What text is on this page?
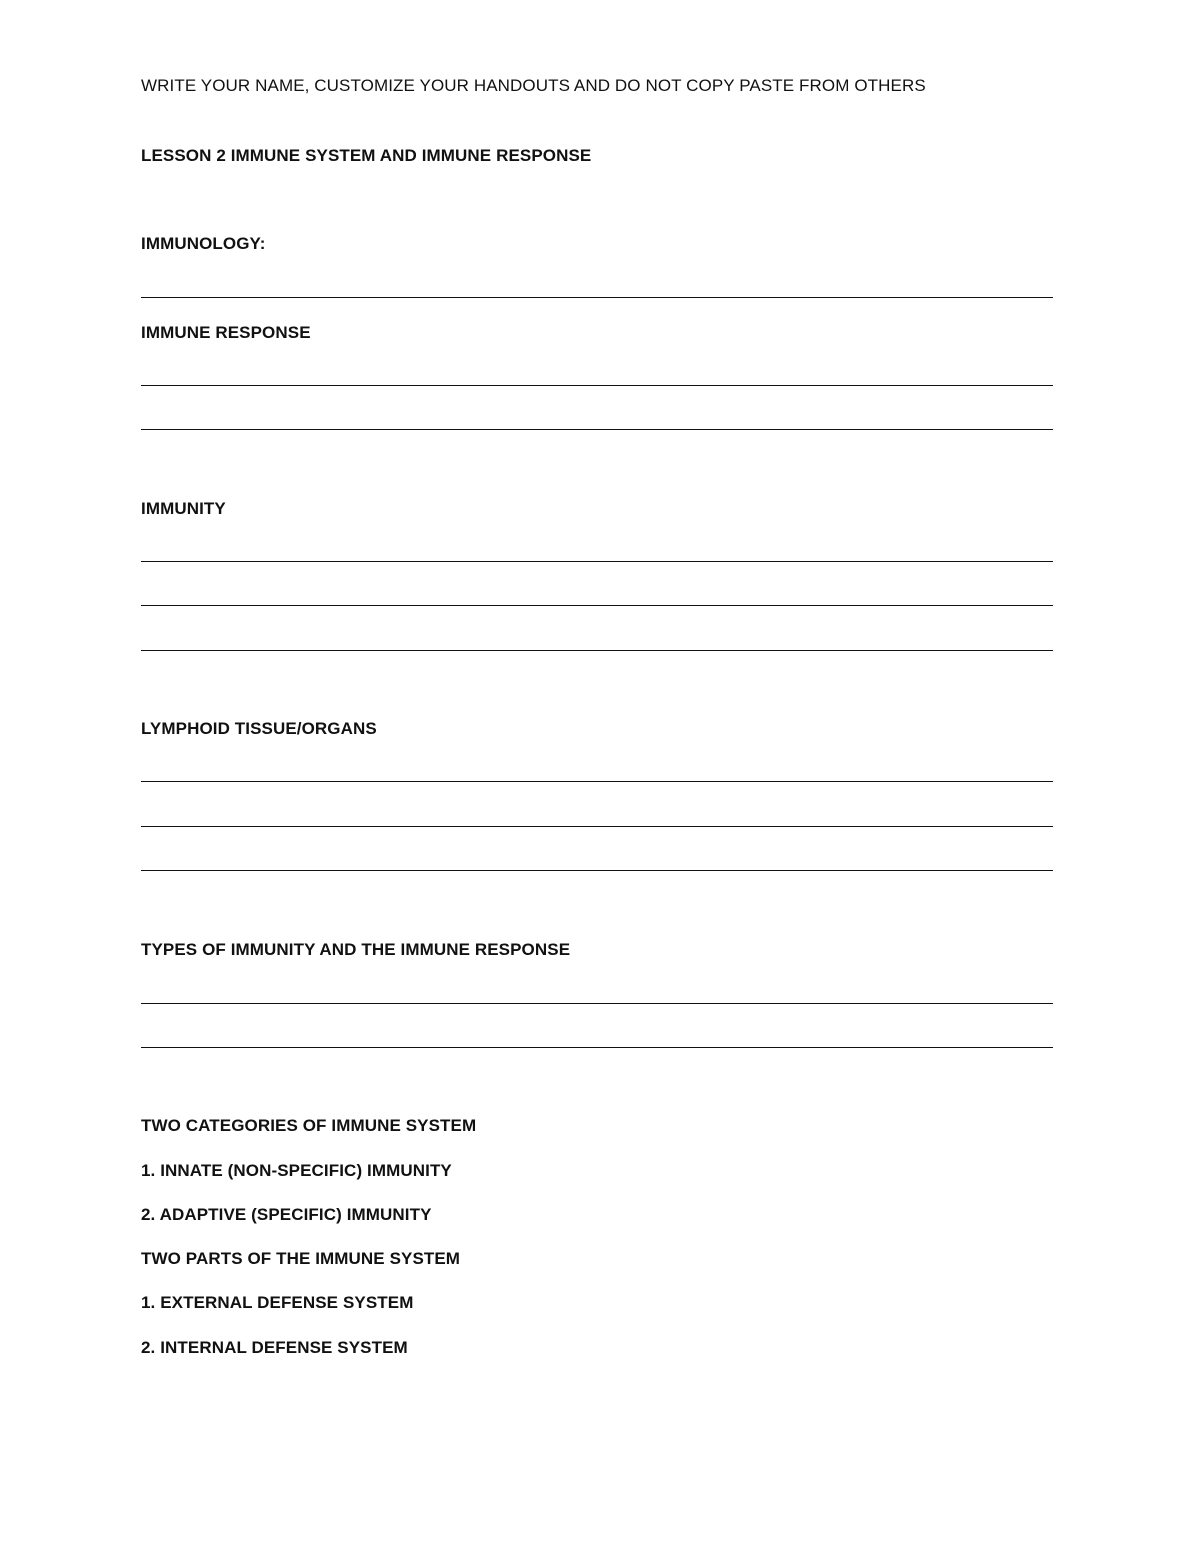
WRITE YOUR NAME, CUSTOMIZE YOUR HANDOUTS AND DO NOT COPY PASTE FROM OTHERS
LESSON 2 IMMUNE SYSTEM AND IMMUNE RESPONSE
IMMUNOLOGY:
IMMUNE RESPONSE
IMMUNITY
LYMPHOID TISSUE/ORGANS
TYPES OF IMMUNITY AND THE IMMUNE RESPONSE
TWO CATEGORIES OF IMMUNE SYSTEM
1. INNATE (NON-SPECIFIC) IMMUNITY
2. ADAPTIVE (SPECIFIC) IMMUNITY
TWO PARTS OF THE IMMUNE SYSTEM
1. EXTERNAL DEFENSE SYSTEM
2. INTERNAL DEFENSE SYSTEM
